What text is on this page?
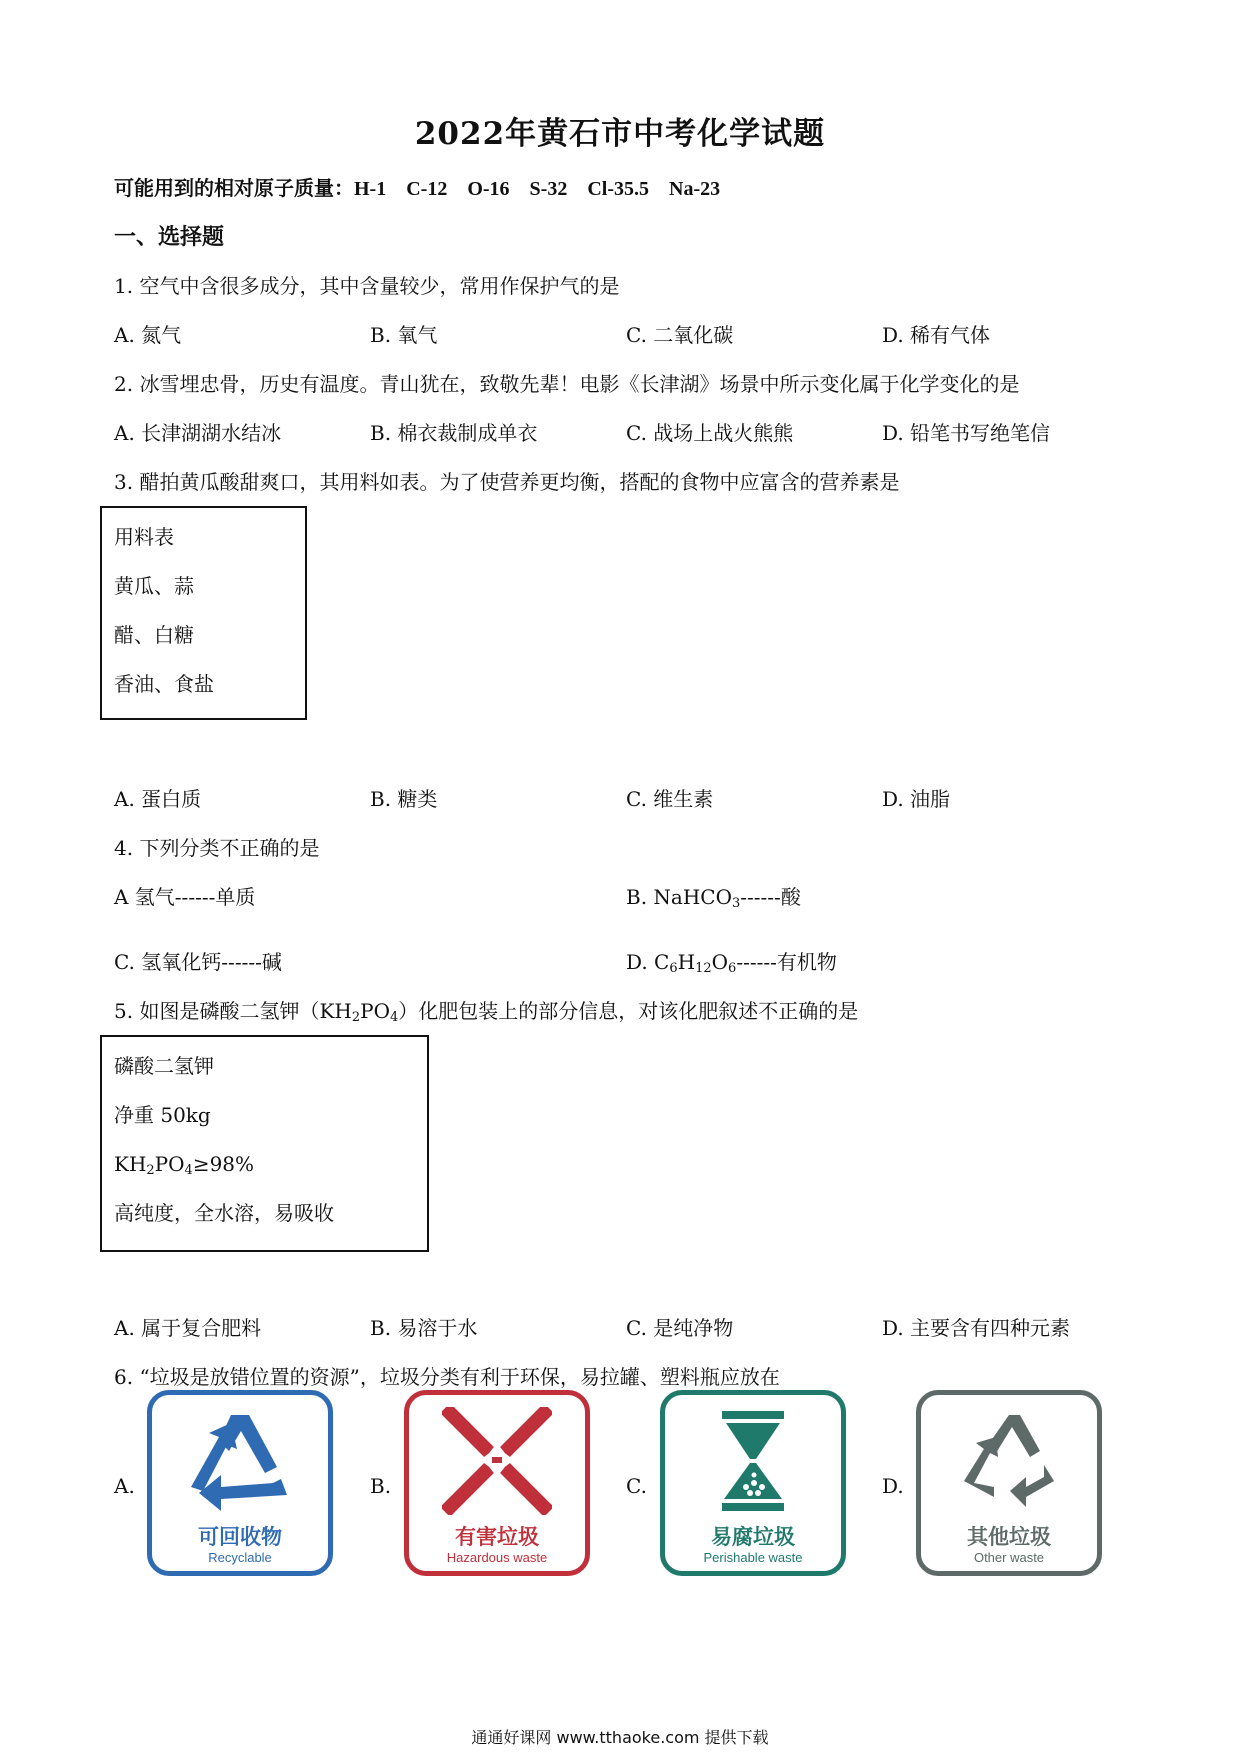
2022年黄石市中考化学试题
可能用到的相对原子质量：H-1 C-12 O-16 S-32 Cl-35.5 Na-23
一、选择题
1. 空气中含很多成分，其中含量较少，常用作保护气的是
A. 氮气	B. 氧气	C. 二氧化碳	D. 稀有气体
2. 冰雪埋忠骨，历史有温度。青山犹在，致敬先辈！电影《长津湖》场景中所示变化属于化学变化的是
A. 长津湖湖水结冰	B. 棉衣裁制成单衣	C. 战场上战火熊熊	D. 铅笔书写绝笔信
3. 醋拍黄瓜酸甜爽口，其用料如表。为了使营养更均衡，搭配的食物中应富含的营养素是
用料表
黄瓜、蒜
醋、白糖
香油、食盐
A. 蛋白质	B. 糖类	C. 维生素	D. 油脂
4. 下列分类不正确的是
A 氢气------单质	B. NaHCO$_3$------酸
C. 氢氧化钙------碱	D. $C_6H_{12}O_6------$有机物
5. 如图是磷酸二氢钾$(KH_2PO_4)$化肥包装上的部分信息，对该化肥叙述不正确的是
磷酸二氢钾
净重 50kg
$KH_2PO_4\ge 98\%$
高纯度，全水溶，易吸收
A. 属于复合肥料	B. 易溶于水	C. 是纯净物	D. 主要含有四种元素
6. “垃圾是放错位置的资源”，垃圾分类有利于环保，易拉罐、塑料瓶应放在
A.
可回收物
Recyclable
B.
有害垃圾
Hazardous waste
C.
易腐垃圾
Perishable waste
D.
其他垃圾
Other waste
通通好课网 www.tthaoke.com 提供下载
